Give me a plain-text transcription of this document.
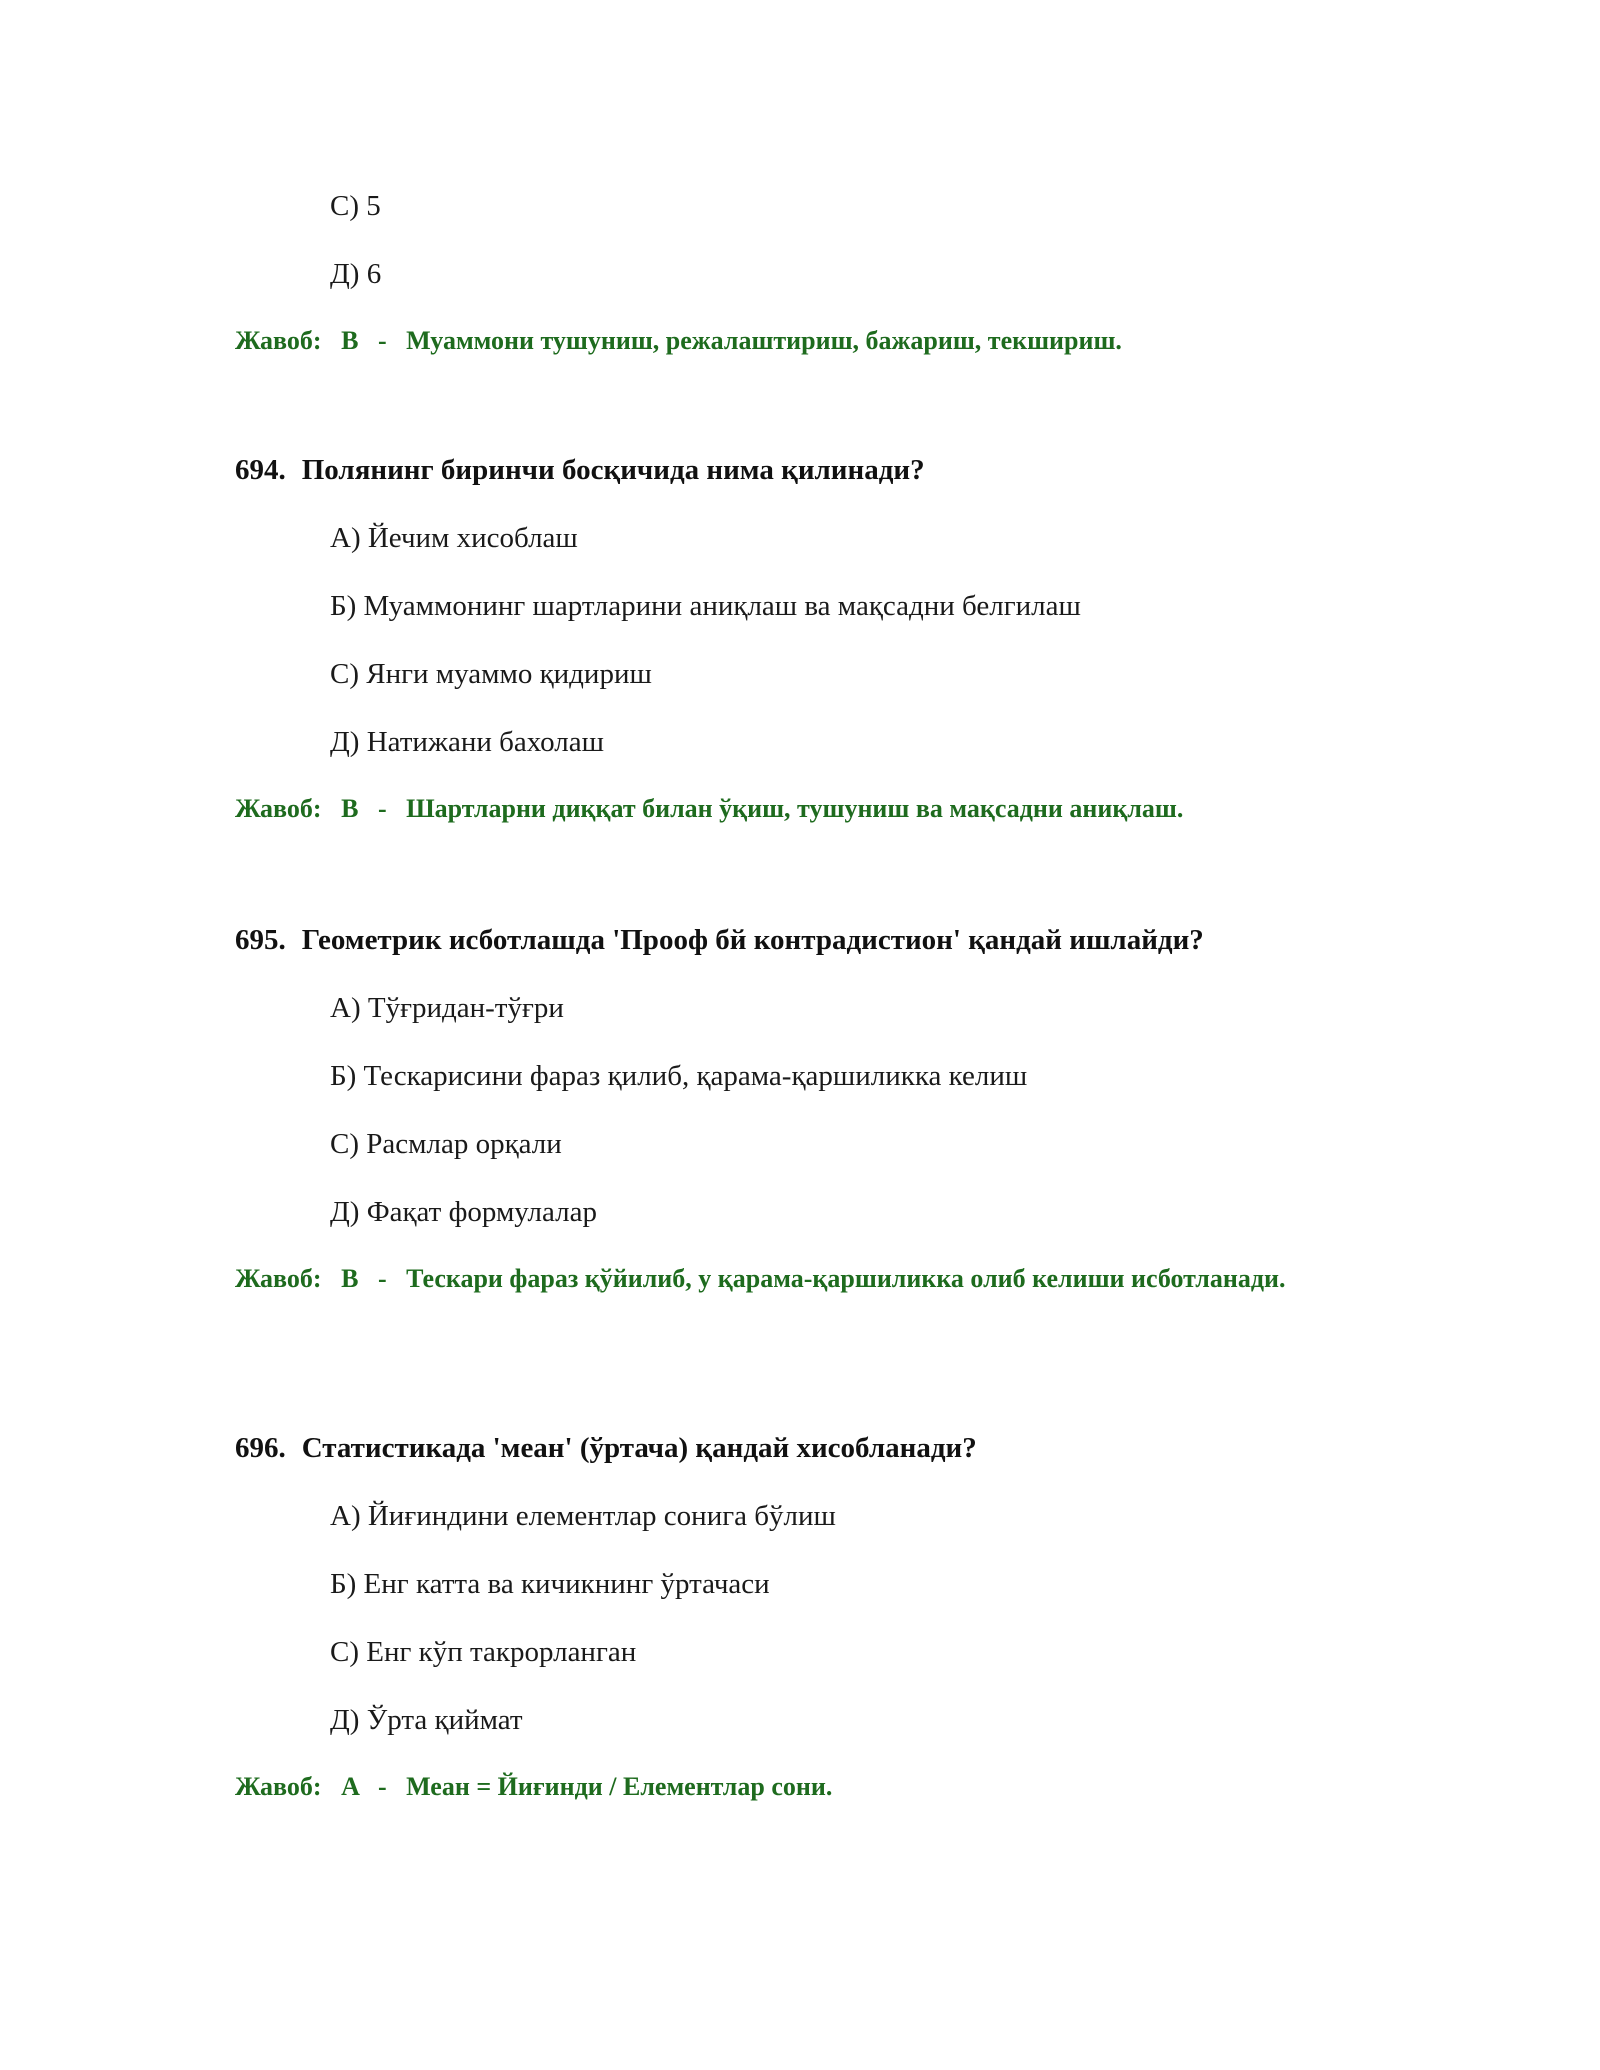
С) 5
Д) 6
Жавоб: B - Муаммони тушуниш, режалаштириш, бажариш, текшириш.
694. Полянинг биринчи босқичида нима қилинади?
А) Йечим хисоблаш
Б) Муаммонинг шартларини аниқлаш ва мақсадни белгилаш
С) Янги муаммо қидириш
Д) Натижани бахолаш
Жавоб: B - Шартларни диққат билан ўқиш, тушуниш ва мақсадни аниқлаш.
695. Геометрик исботлашда 'Прооф бй контрадистион' қандай ишлайди?
А) Тўғридан-тўғри
Б) Тескарисини фараз қилиб, қарама-қаршиликка келиш
С) Расмлар орқали
Д) Фақат формулалар
Жавоб: B - Тескари фараз қўйилиб, у қарама-қаршиликка олиб келиши исботланади.
696. Статистикада 'меан' (ўртача) қандай хисобланади?
А) Йиғиндини елементлар сонига бўлиш
Б) Енг катта ва кичикнинг ўртачаси
С) Енг кўп такрорланган
Д) Ўрта қиймат
Жавоб: A - Меан = Йиғинди / Елементлар сони.
